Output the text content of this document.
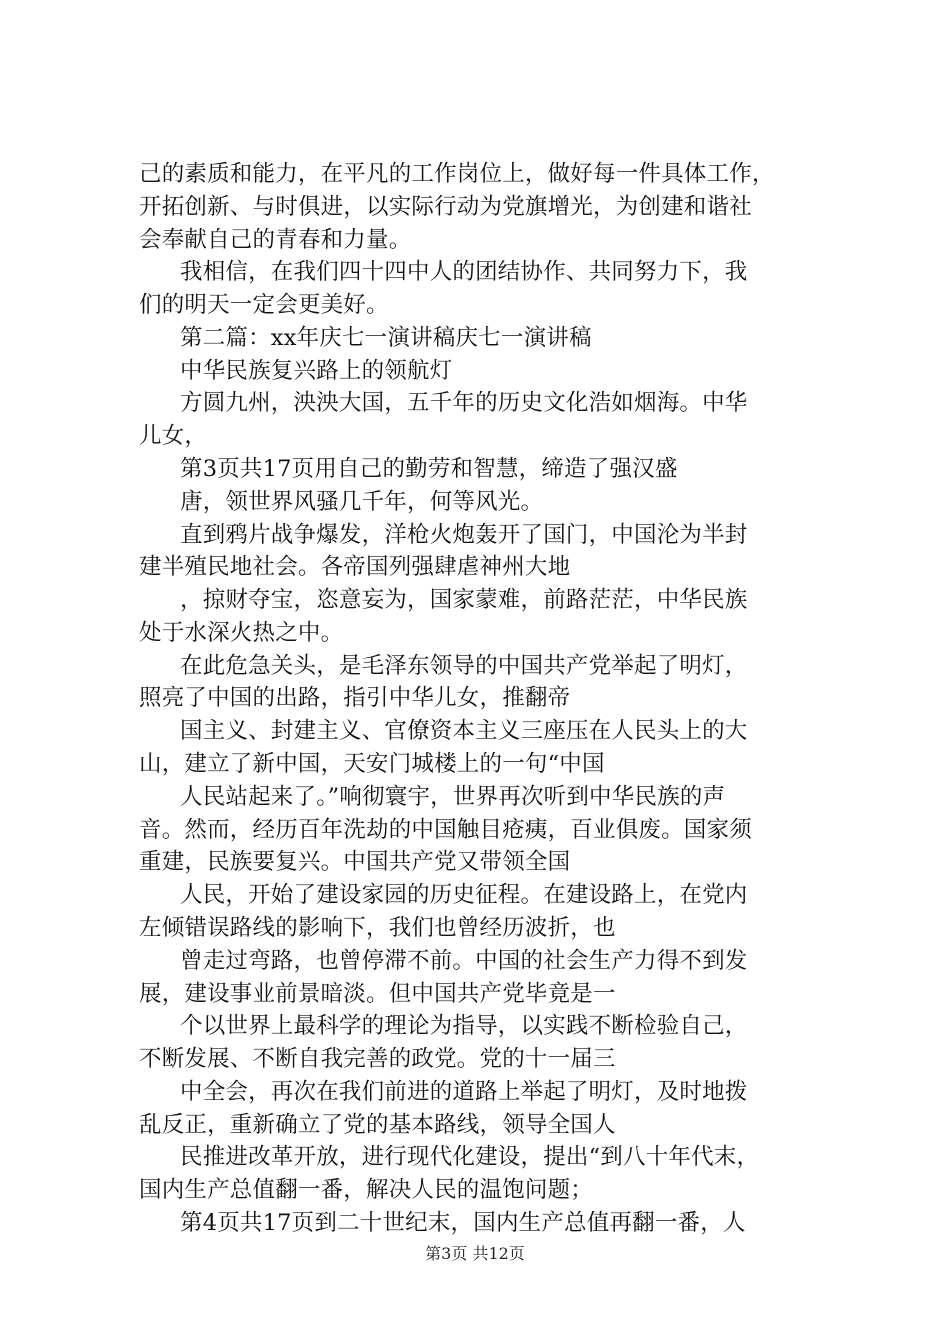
己的素质和能力，在平凡的工作岗位上，做好每一件具体工作，
开拓创新、与时俱进，以实际行动为党旗增光，为创建和谐社
会奉献自己的青春和力量。
我相信，在我们四十四中人的团结协作、共同努力下，我
们的明天一定会更美好。
第二篇：xx年庆七一演讲稿庆七一演讲稿
中华民族复兴路上的领航灯
方圆九州，泱泱大国，五千年的历史文化浩如烟海。中华
儿女，
第3页共17页用自己的勤劳和智慧，缔造了强汉盛
唐，领世界风骚几千年，何等风光。
直到鸦片战争爆发，洋枪火炮轰开了国门，中国沦为半封
建半殖民地社会。各帝国列强肆虐神州大地
，掠财夺宝，恣意妄为，国家蒙难，前路茫茫，中华民族
处于水深火热之中。
在此危急关头，是毛泽东领导的中国共产党举起了明灯，
照亮了中国的出路，指引中华儿女，推翻帝
国主义、封建主义、官僚资本主义三座压在人民头上的大
山，建立了新中国，天安门城楼上的一句“中国
人民站起来了。”响彻寰宇，世界再次听到中华民族的声
音。然而，经历百年洗劫的中国触目疮痍，百业俱废。国家须
重建，民族要复兴。中国共产党又带领全国
人民，开始了建设家园的历史征程。在建设路上，在党内
左倾错误路线的影响下，我们也曾经历波折，也
曾走过弯路，也曾停滞不前。中国的社会生产力得不到发
展，建设事业前景暗淡。但中国共产党毕竟是一
个以世界上最科学的理论为指导，以实践不断检验自己，
不断发展、不断自我完善的政党。党的十一届三
中全会，再次在我们前进的道路上举起了明灯，及时地拨
乱反正，重新确立了党的基本路线，领导全国人
民推进改革开放，进行现代化建设，提出“到八十年代末，
国内生产总值翻一番，解决人民的温饱问题；
第4页共17页到二十世纪末，国内生产总值再翻一番，人
第3页 共12页
